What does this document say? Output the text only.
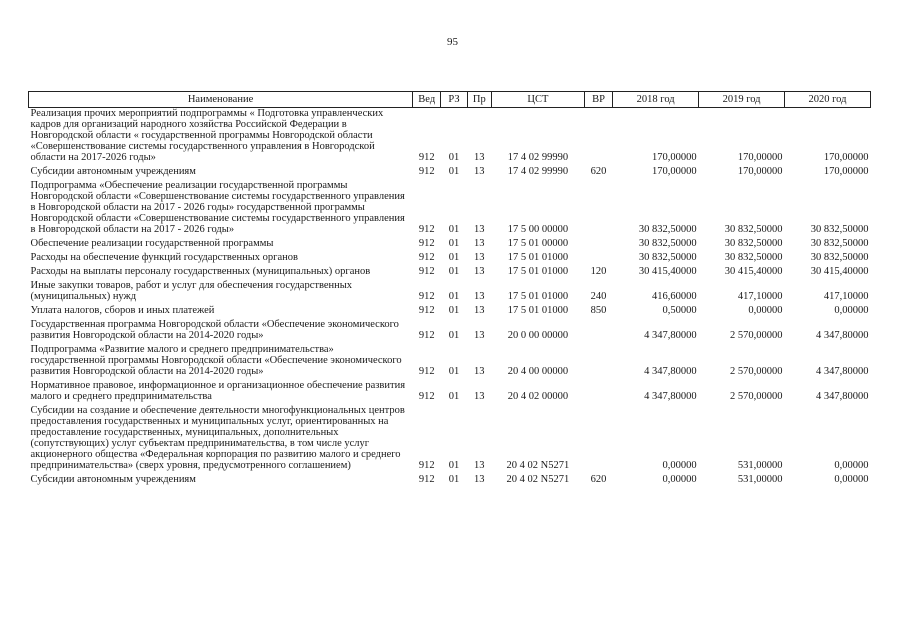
95
Наименование	Вед	РЗ	Пр	ЦСТ	ВР	2018 год	2019 год	2020 год
Реализация прочих мероприятий подпрограммы « Подготовка управленческих кадров для организаций народного хозяйства Российской Федерации в Новгородской области « государственной программы Новгородской области «Совершенствование системы государственного управления в Новгородской области на 2017-2026 годы»	912	01	13	17 4 02 99990		170,00000	170,00000	170,00000
Субсидии автономным учреждениям	912	01	13	17 4 02 99990	620	170,00000	170,00000	170,00000
Подпрограмма «Обеспечение реализации государственной программы Новгородской области «Совершенствование системы государственного управления в Новгородской области на 2017 - 2026 годы» государственной программы Новгородской области «Совершенствование системы государственного управления в Новгородской области на 2017 - 2026 годы»	912	01	13	17 5 00 00000		30 832,50000	30 832,50000	30 832,50000
Обеспечение реализации государственной программы	912	01	13	17 5 01 00000		30 832,50000	30 832,50000	30 832,50000
Расходы на обеспечение функций государственных органов	912	01	13	17 5 01 01000		30 832,50000	30 832,50000	30 832,50000
Расходы на выплаты персоналу государственных (муниципальных) органов	912	01	13	17 5 01 01000	120	30 415,40000	30 415,40000	30 415,40000
Иные закупки товаров, работ и услуг для обеспечения государственных (муниципальных) нужд	912	01	13	17 5 01 01000	240	416,60000	417,10000	417,10000
Уплата налогов, сборов и иных платежей	912	01	13	17 5 01 01000	850	0,50000	0,00000	0,00000
Государственная программа Новгородской области «Обеспечение экономического развития Новгородской области на 2014-2020 годы»	912	01	13	20 0 00 00000		4 347,80000	2 570,00000	4 347,80000
Подпрограмма «Развитие малого и среднего предпринимательства» государственной программы Новгородской области «Обеспечение экономического развития Новгородской области на 2014-2020 годы»	912	01	13	20 4 00 00000		4 347,80000	2 570,00000	4 347,80000
Нормативное правовое, информационное и организационное обеспечение развития малого и среднего предпринимательства	912	01	13	20 4 02 00000		4 347,80000	2 570,00000	4 347,80000
Субсидии на создание и обеспечение деятельности многофункциональных центров предоставления государственных и муниципальных услуг, ориентированных на предоставление государственных, муниципальных, дополнительных (сопутствующих) услуг субъектам предпринимательства, в том числе услуг акционерного общества «Федеральная корпорация по развитию малого и среднего предпринимательства» (сверх уровня, предусмотренного соглашением)	912	01	13	20 4 02 N5271		0,00000	531,00000	0,00000
Субсидии автономным учреждениям	912	01	13	20 4 02 N5271	620	0,00000	531,00000	0,00000
